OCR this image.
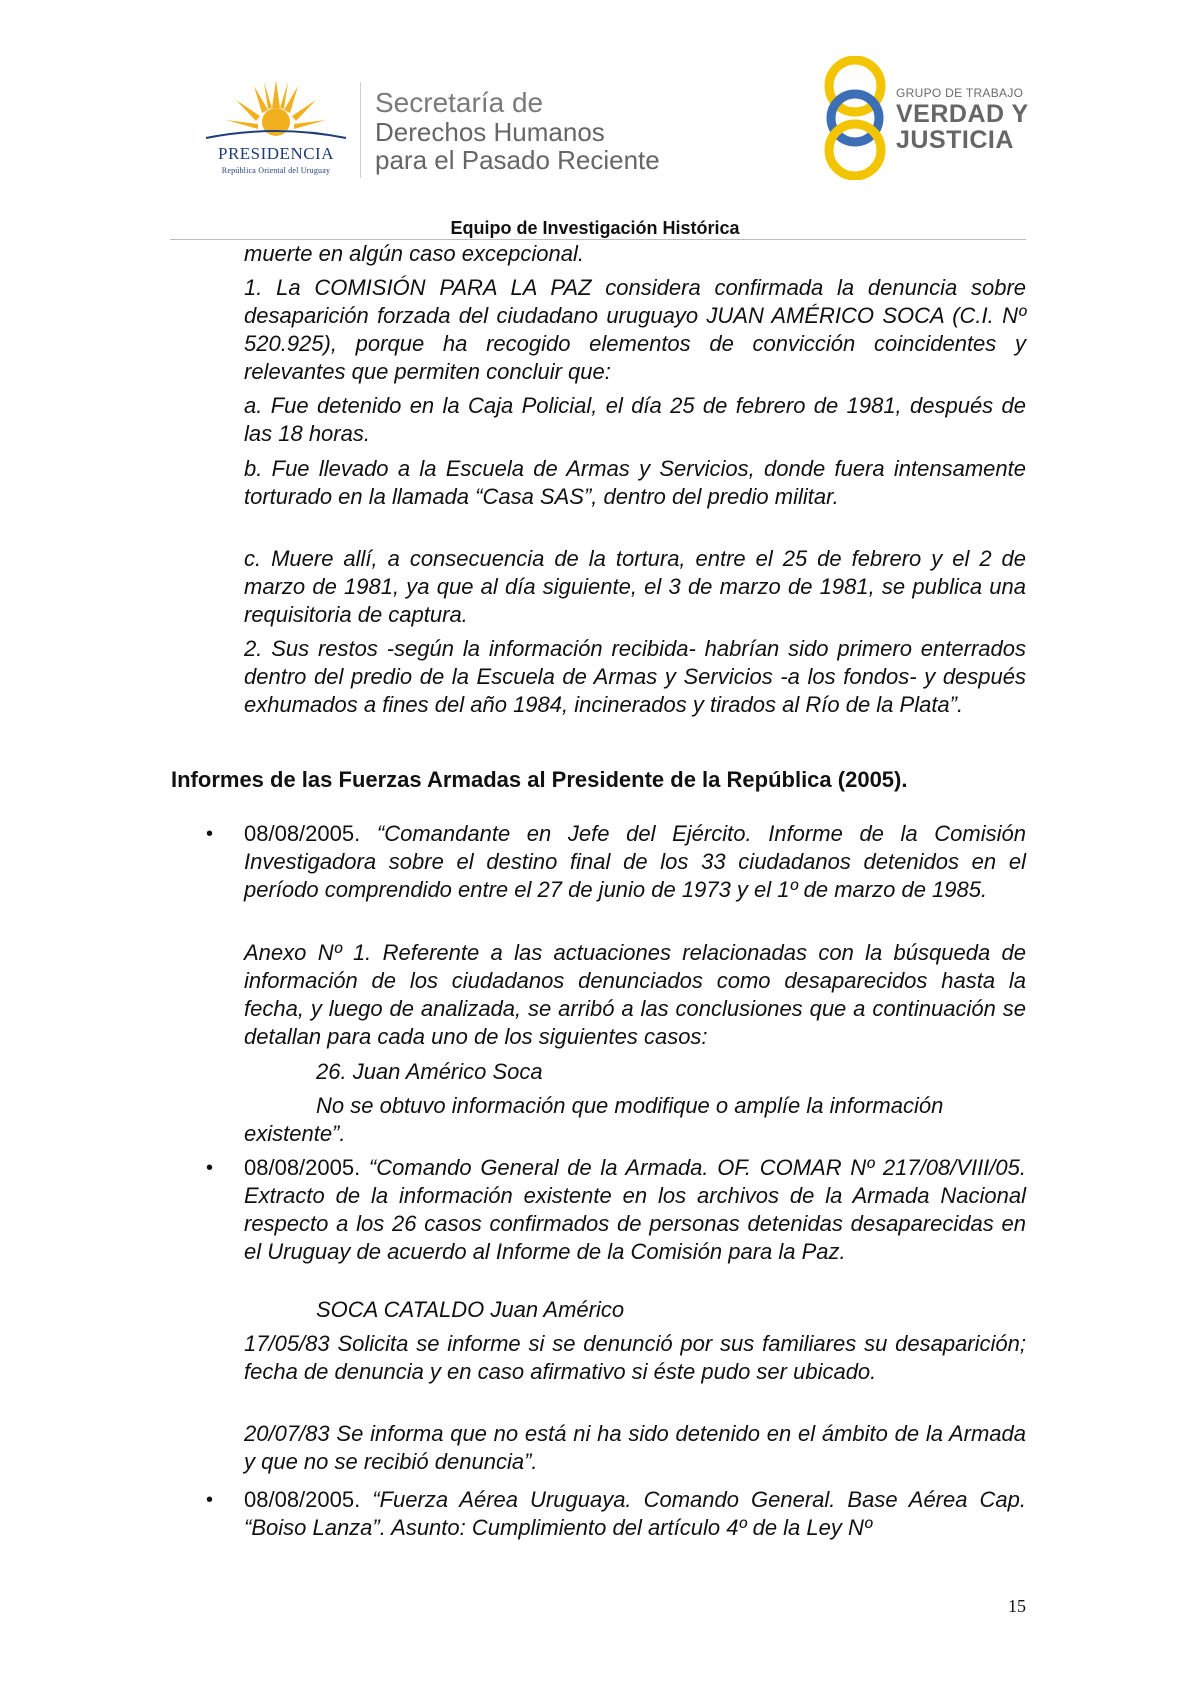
PRESIDENCIA
República Oriental del Uruguay
Secretaría de
Derechos Humanos
para el Pasado Reciente
GRUPO DE TRABAJO
VERDAD Y
JUSTICIA
Equipo de Investigación Histórica

muerte en algún caso excepcional.

1. La COMISIÓN PARA LA PAZ considera confirmada la denuncia sobre desaparición forzada del ciudadano uruguayo JUAN AMÉRICO SOCA (C.I. Nº 520.925), porque ha recogido elementos de convicción coincidentes y relevantes que permiten concluir que:

a. Fue detenido en la Caja Policial, el día 25 de febrero de 1981, después de las 18 horas.

b. Fue llevado a la Escuela de Armas y Servicios, donde fuera intensamente torturado en la llamada “Casa SAS”, dentro del predio militar.

c. Muere allí, a consecuencia de la tortura, entre el 25 de febrero y el 2 de marzo de 1981, ya que al día siguiente, el 3 de marzo de 1981, se publica una requisitoria de captura.

2. Sus restos -según la información recibida- habrían sido primero enterrados dentro del predio de la Escuela de Armas y Servicios -a los fondos- y después exhumados a fines del año 1984, incinerados y tirados al Río de la Plata”.

Informes de las Fuerzas Armadas al Presidente de la República (2005).
• 08/08/2005. “Comandante en Jefe del Ejército. Informe de la Comisión Investigadora sobre el destino final de los 33 ciudadanos detenidos en el período comprendido entre el 27 de junio de 1973 y el 1º de marzo de 1985.

Anexo Nº 1. Referente a las actuaciones relacionadas con la búsqueda de información de los ciudadanos denunciados como desaparecidos hasta la fecha, y luego de analizada, se arribó a las conclusiones que a continuación se detallan para cada uno de los siguientes casos:

26. Juan Américo Soca

No se obtuvo información que modifique o amplíe la información

existente”.

• 08/08/2005. “Comando General de la Armada. OF. COMAR Nº 217/08/VIII/05. Extracto de la información existente en los archivos de la Armada Nacional respecto a los 26 casos confirmados de personas detenidas desaparecidas en el Uruguay de acuerdo al Informe de la Comisión para la Paz.

SOCA CATALDO Juan Américo

17/05/83 Solicita se informe si se denunció por sus familiares su desaparición; fecha de denuncia y en caso afirmativo si éste pudo ser ubicado.

20/07/83 Se informa que no está ni ha sido detenido en el ámbito de la Armada y que no se recibió denuncia”.

• 08/08/2005. “Fuerza Aérea Uruguaya. Comando General. Base Aérea Cap. “Boiso Lanza”. Asunto: Cumplimiento del artículo 4º de la Ley Nº

15
